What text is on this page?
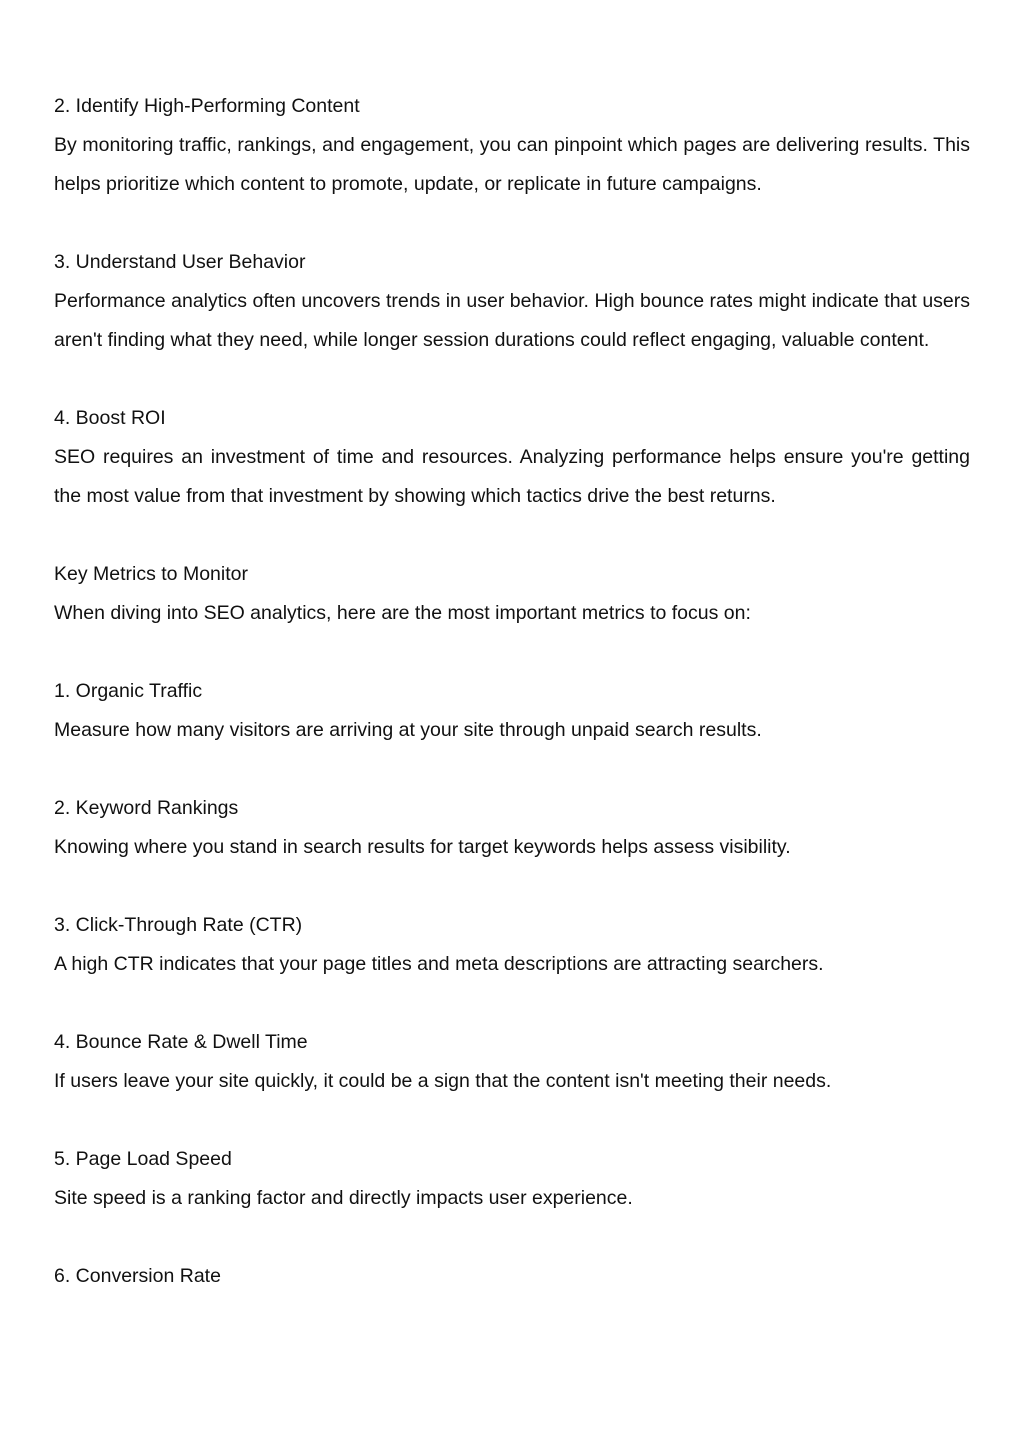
2. Identify High-Performing Content

By monitoring traffic, rankings, and engagement, you can pinpoint which pages are delivering results. This helps prioritize which content to promote, update, or replicate in future campaigns.

3. Understand User Behavior

Performance analytics often uncovers trends in user behavior. High bounce rates might indicate that users aren't finding what they need, while longer session durations could reflect engaging, valuable content.

4. Boost ROI

SEO requires an investment of time and resources. Analyzing performance helps ensure you're getting the most value from that investment by showing which tactics drive the best returns.

Key Metrics to Monitor

When diving into SEO analytics, here are the most important metrics to focus on:

1. Organic Traffic

Measure how many visitors are arriving at your site through unpaid search results.

2. Keyword Rankings

Knowing where you stand in search results for target keywords helps assess visibility.

3. Click-Through Rate (CTR)

A high CTR indicates that your page titles and meta descriptions are attracting searchers.

4. Bounce Rate & Dwell Time

If users leave your site quickly, it could be a sign that the content isn't meeting their needs.

5. Page Load Speed

Site speed is a ranking factor and directly impacts user experience.

6. Conversion Rate
